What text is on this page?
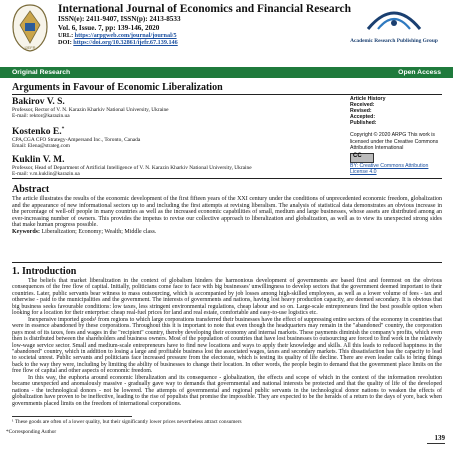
IJEFR
International Journal of Economics and Financial Research
ISSN(e): 2411-9407, ISSN(p): 2413-8533
Vol. 6, Issue. 7, pp: 139-146, 2020
URL: https://arpgweb.com/journal/journal/5
DOI: https://doi.org/10.32861/ijefr.67.139.146	Academic Research Publishing Group
Original Research	Open Access
Arguments in Favour of Economic Liberalization
Bakirov V. S.
Professor, Rector of V. N. Karazin Kharkiv National University, Ukraine
E-mail: rektor@karazin.ua
Kostenko E.*
CPA,CGA CFO Strategy-Ampersand Inc., Toronto, Canada
Email: Elena@strateg.com
Kuklin V. M.
Professor, Head of Department of Artificial Intelligence of V. N. Karazin Kharkiv National University, Ukraine
E-mail: v.m.kuklin@karazin.ua
Article History
Received:
Revised:
Accepted:
Published:
Copyright © 2020 ARPG This work is licensed under the Creative Commons Attribution International
CC
BY: Creative Commons Attribution License 4.0
Abstract
The article illustrates the results of the economic development of the first fifteen years of the XXI century under the conditions of unprecedented economic freedom, globalization and the appearance of new informational sectors up to and including the first attempts at revising liberalism. The analysis of statistical data demonstrates an obvious increase in the percentage of well-off people in many countries as well as the increased economic capabilities of small, medium and large businesses, whose assets are distributed among an ever-increasing number of owners. This provides the impetus to revise our collective approach to liberalization and globalization, as well as to view its unexpected strong sides that make human progress possible.
Keywords: Liberalization; Economy; Wealth; Middle class.
1. Introduction

The beliefs that market liberalization in the context of globalism hinders the harmonious development of governments are based first and foremost on the obvious consequences of the free flow of capital. Initially, politicians come face to face with big businesses' unwillingness to develop sectors that the government deemed important to their countries. Later, public servants bear witness to mass outsourcing, which is accompanied by job losses among high-skilled employees, as well as a lower volume of fees - tax and otherwise - paid to the municipalities and the government. The interests of governments and nations, having lost heavy production capacity, are deemed secondary. It is obvious that big business seeks favourable conditions: low taxes, less stringent environmental regulations, cheap labour and so on. Large-scale entrepreneurs find the best possible option when looking for a location for their enterprise: cheap real-fuel prices for land and real estate, comfortable and easy-to-use logistics etc.

Inexpensive imported goods¹ from regions to which large corporations transferred their businesses have the effect of suppressing entire sectors of the economy in countries that were in essence abandoned by these corporations. Throughout this it is important to note that even though the headquarters may remain in the "abandoned" country, the corporation pays most of its taxes, fees and wages in the "recipient" country, thereby developing their economy and internal markets. These payments diminish the company's profits, which even then is distributed between the shareholders and business owners. Most of the population of countries that have lost businesses to outsourcing are forced to find work in the relatively low-wage service sector. Small and medium-scale entrepreneurs have to find new locations and ways to apply their knowledge and skills. All this leads to reduced happiness in the "abandoned" country, which in addition to losing a large and profitable business lost the associated wages, taxes and secondary markets. This dissatisfaction has the capacity to lead to societal unrest. Public servants and politicians face increased pressure from the electorate, which is testing its quality of life decline. There are even leader calls to bring things back to the way they were, including by limiting the ability of businesses to change their location. In other words, the people begin to demand that the government place limits on the free flow of capital and other aspects of economic freedom.

In this way, the euphoria around economic liberalization and its consequence - globalization, the effects and scope of which in the context of the information revolution became unexpected and anomalously massive - gradually gave way to demands that governmental and national interests be protected and that the quality of life of the developed nations - the technological donors - not be lowered. The attempts of governmental and regional public servants in the technological donor nations to weaken the effects of globalization have proven to be ineffective, leading to the rise of populists that promise the impossible. They are expected to be the heralds of a return to the days of yore, back when governments placed limits on the freedom of international corporations.

¹ These goods are often of a lower quality, but their significantly lower prices nevertheless attract consumers
*Corresponding Author
139
